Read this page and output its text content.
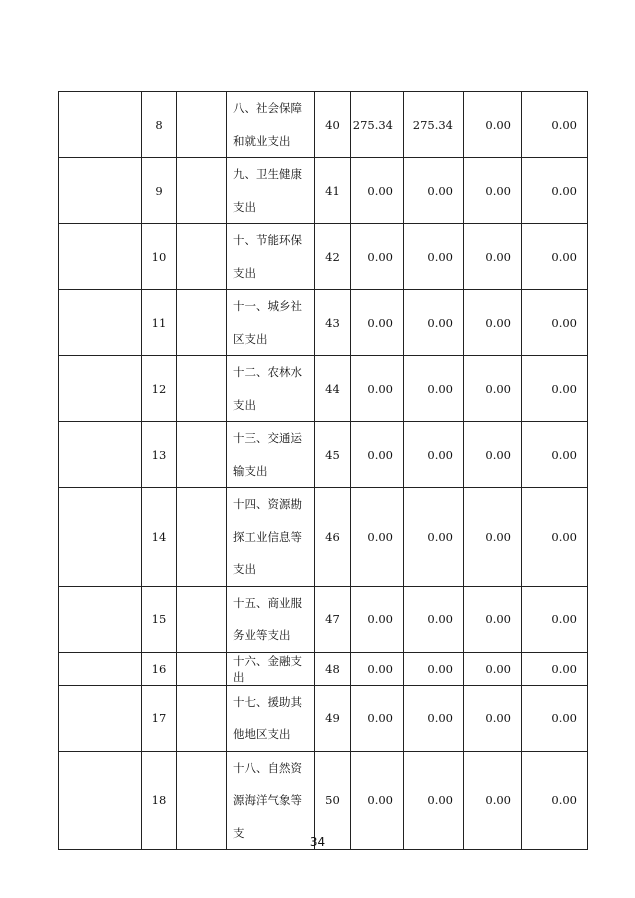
	8		八、社会保障和就业支出	40	275.34	275.34	0.00	0.00
	9		九、卫生健康支出	41	0.00	0.00	0.00	0.00
	10		十、节能环保支出	42	0.00	0.00	0.00	0.00
	11		十一、城乡社区支出	43	0.00	0.00	0.00	0.00
	12		十二、农林水支出	44	0.00	0.00	0.00	0.00
	13		十三、交通运输支出	45	0.00	0.00	0.00	0.00
	14		十四、资源勘探工业信息等支出	46	0.00	0.00	0.00	0.00
	15		十五、商业服务业等支出	47	0.00	0.00	0.00	0.00
	16		十六、金融支出	48	0.00	0.00	0.00	0.00
	17		十七、援助其他地区支出	49	0.00	0.00	0.00	0.00
	18		十八、自然资源海洋气象等支	50	0.00	0.00	0.00	0.00
34
